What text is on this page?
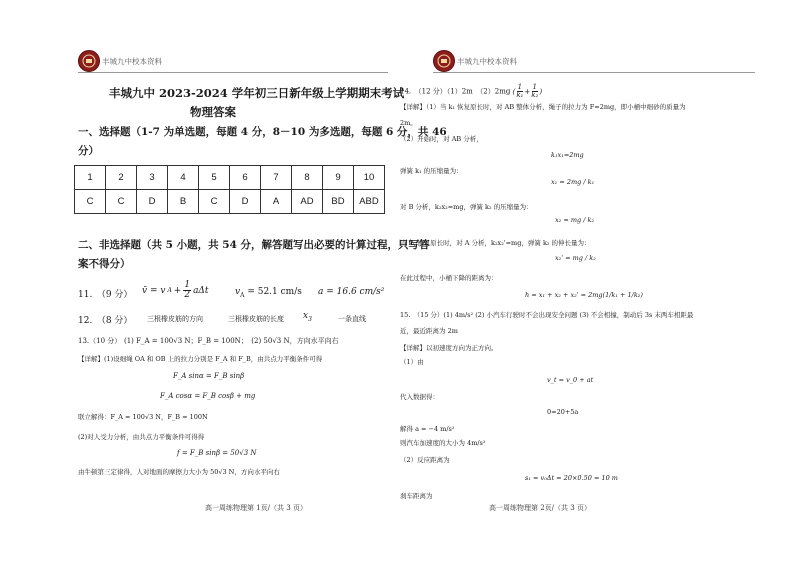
丰城九中校本资料
丰城九中 2023-2024 学年初三日新年级上学期期末考试
物理答案
一、选择题（1-7 为单选题，每题 4 分，8－10 为多选题，每题 6 分，共 46
分）
1	2	3	4	5	6	7	8	9	10
C	C	D	B	C	D	A	AD	BD	ABD
二、非选择题（共 5 小题，共 54 分，解答题写出必要的计算过程，只写答
案不得分）
11.　（9 分） v̄ = v $A + \frac{1}{2}$ aΔt	$v_A = 52.1$ cm/s a = 16.6 cm/s²
12.　（8 分） 三根橡皮筋的方向	三根橡皮筋的长度 $x_3$	一条直线
13.（10 分） (1) F_A = 100√3 N；F_B = 100N；　(2) 50√3 N，方向水平向右
【详解】(1)设细绳 OA 和 OB 上的拉力分别是 F_A 和 F_B，由共点力平衡条件可得
F_A sinα = F_B sinβ
F_A cosα = F_B cosβ + mg
联立解得：F_A = 100√3 N，F_B = 100N
(2)对人受力分析，由共点力平衡条件可得得
f = F_B sinβ = 50√3 N
由牛顿第三定律得，人对地面的摩擦力大小为 50√3 N，方向水平向右
高一周练物理第 1页/（共 3 页）
丰城九中校本资料
14.　（12 分）（1）2m　（2）2mg ( $\frac{1}{\text{k₁}} + \frac{1}{\text{k₂}}$ )
【详解】（1）当 k₁ 恢复原长时，对 AB 整体分析，绳子的拉力为 F=2mg，即小桶中细砂的质量为
2m。
（2）开始时，对 AB 分析，
k₁x₁=2mg
弹簧 k₁ 的压缩量为：
x₁ = 2mg / k₁
对 B 分析，k₂x₂=mg，弹簧 k₂ 的压缩量为：
x₂ = mg / k₂
当 k₁ 恢复原长时，对 A 分析，k₂x₂'=mg，弹簧 k₂ 的伸长量为：
x₂' = mg / k₂
在此过程中，小桶下降的距离为：
h = x₁ + x₂ + x₂' = 2mg(1/k₁ + 1/k₂)
15.　（15 分）(1) 4m/s² (2) 小汽车行驶时不会出现安全问题 (3) 不会相撞，制动后 3s 末两车相距最
近，最近距离为 2m
【详解】以初速度方向为正方向。
（1）由
v_t = v_0 + at
代入数据得：
0=20+5a
解得 a = −4 m/s²
则汽车加速度的大小为 4m/s²
（2）反应距离为
s₁ = v₀Δt = 20×0.50 = 10 m
刹车距离为
高一周练物理第 2页/（共 3 页）
